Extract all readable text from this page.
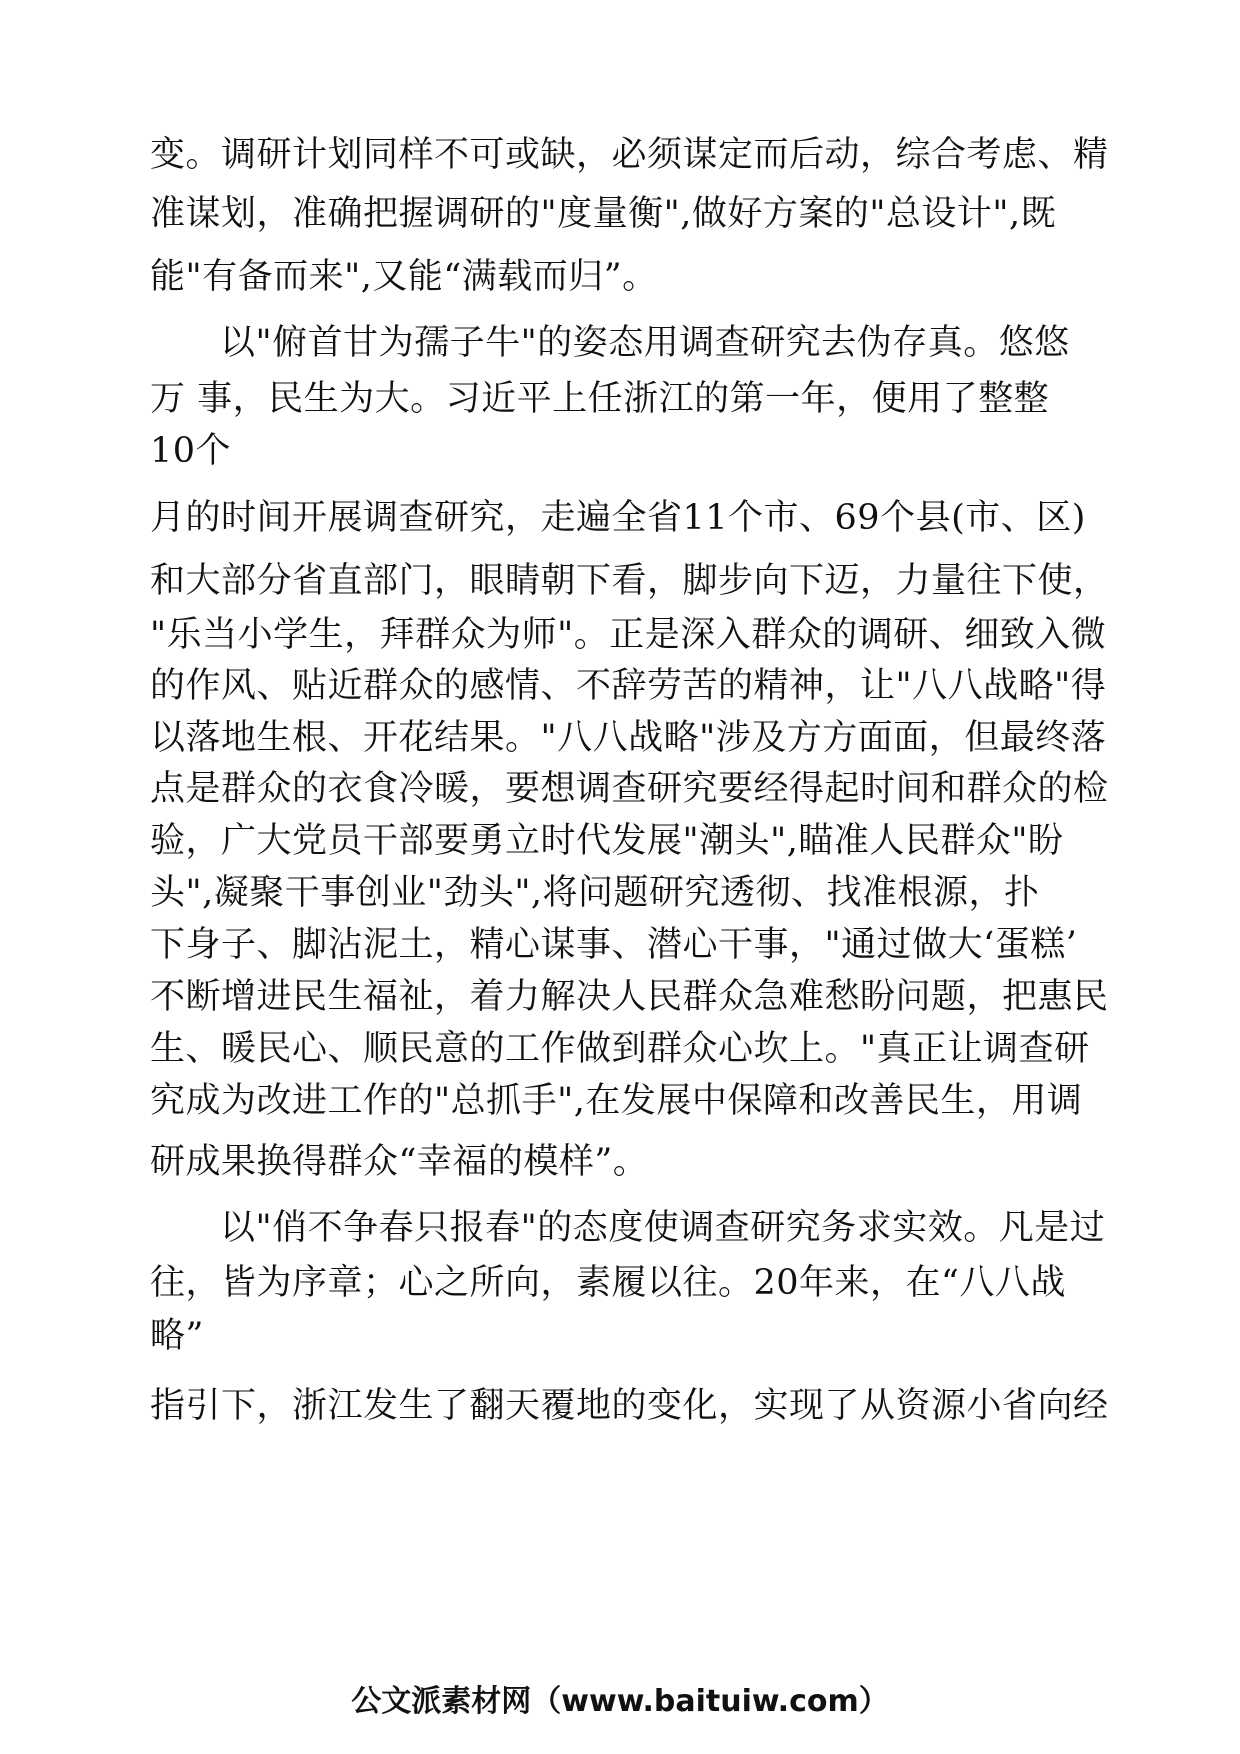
变。调研计划同样不可或缺，必须谋定而后动，综合考虑、精
准谋划，准确把握调研的"度量衡",做好方案的"总设计",既
能"有备而来",又能“满载而归”。
以"俯首甘为孺子牛"的姿态用调查研究去伪存真。悠悠
万 事，民生为大。习近平上任浙江的第一年，便用了整整
10个
月的时间开展调查研究，走遍全省11个市、69个县(市、区)
和大部分省直部门，眼睛朝下看，脚步向下迈，力量往下使，
"乐当小学生，拜群众为师"。正是深入群众的调研、细致入微
的作风、贴近群众的感情、不辞劳苦的精神，让"八八战略"得
以落地生根、开花结果。"八八战略"涉及方方面面，但最终落
点是群众的衣食冷暖，要想调查研究要经得起时间和群众的检
验，广大党员干部要勇立时代发展"潮头",瞄准人民群众"盼
头",凝聚干事创业"劲头",将问题研究透彻、找准根源，扑
下身子、脚沾泥土，精心谋事、潜心干事，"通过做大‘蛋糕’
不断增进民生福祉，着力解决人民群众急难愁盼问题，把惠民
生、暖民心、顺民意的工作做到群众心坎上。"真正让调查研
究成为改进工作的"总抓手",在发展中保障和改善民生，用调
研成果换得群众“幸福的模样”。
以"俏不争春只报春"的态度使调查研究务求实效。凡是过
往，皆为序章；心之所向，素履以往。20年来，在“八八战
略”
指引下，浙江发生了翻天覆地的变化，实现了从资源小省向经
公文派素材网（www.baituiw.com）
